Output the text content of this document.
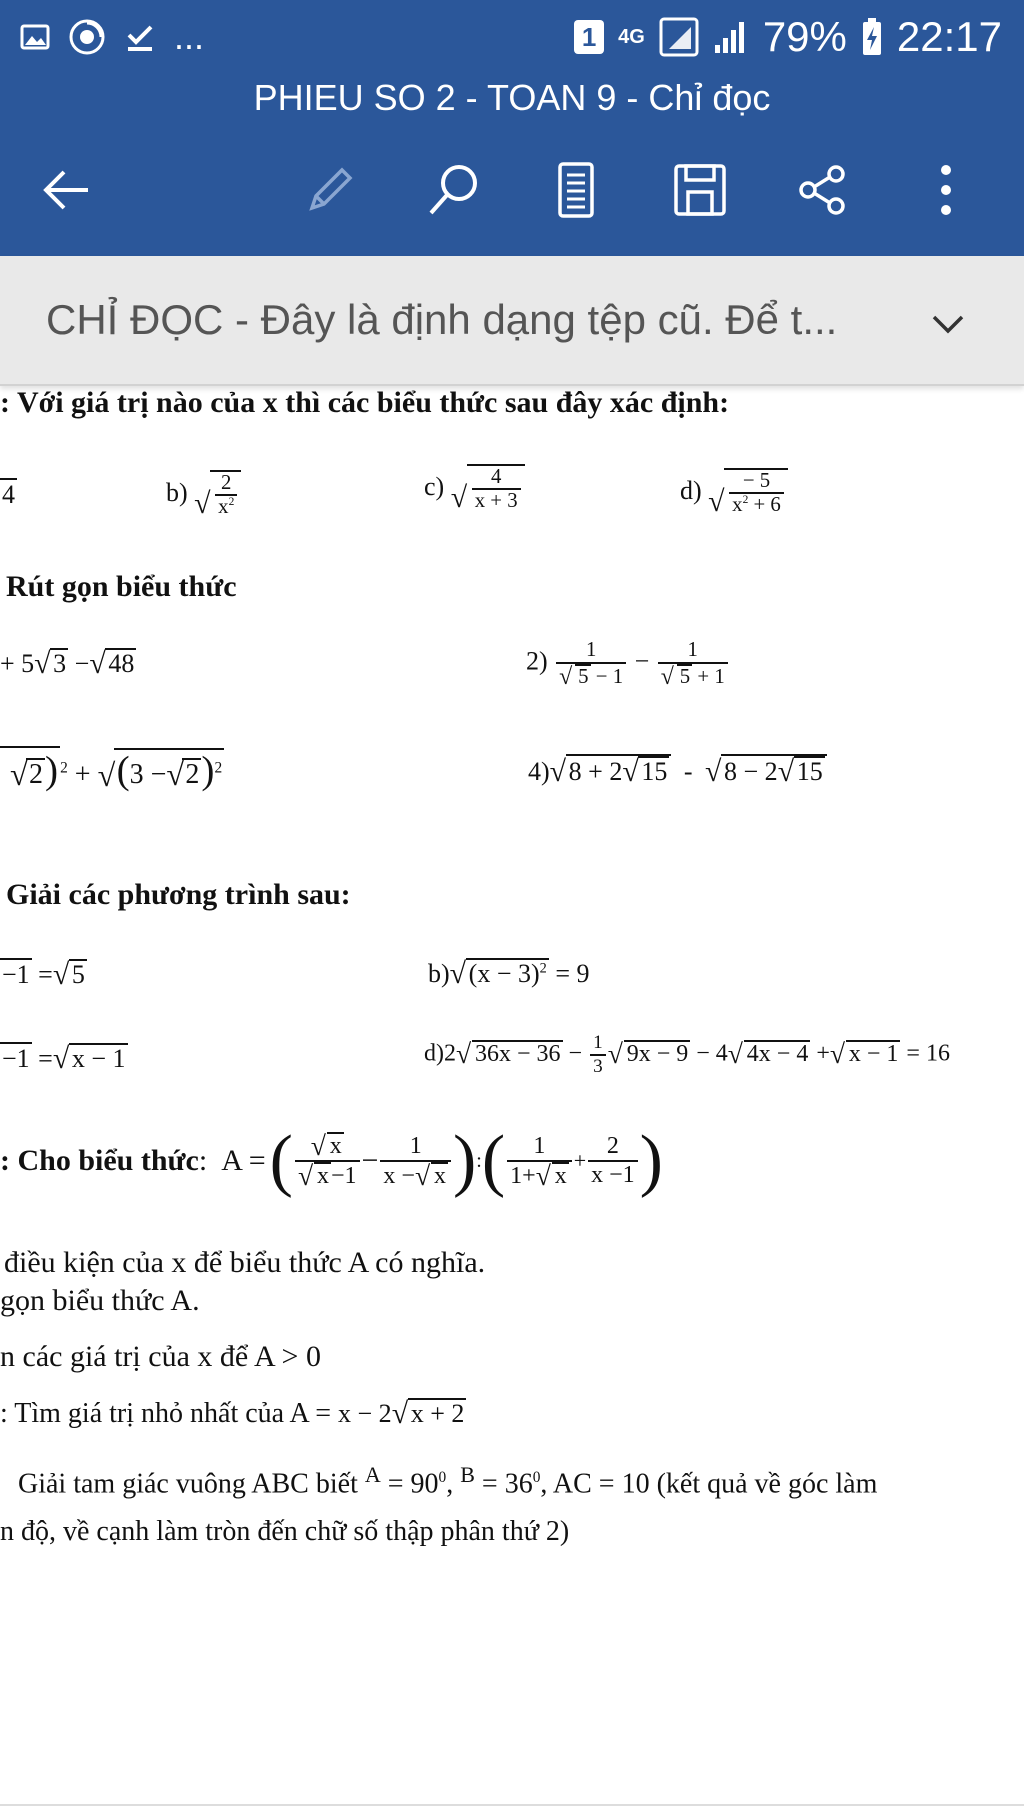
...	1 4G	79% 22:17
PHIEU SO 2 - TOAN 9 - Chỉ đọc
CHỈ ĐỌC - Đây là định dạng tệp cũ. Để t...
: Với giá trị nào của x thì các biểu thức sau đây xác định:
4	b) √ $\frac{2}{x^2}$	c) √ $\frac{4}{x + 3}$	d) √ $\frac{- 5}{x^2 + 6}$
Rút gọn biểu thức
+ 5 √ 3 − √ 48	2) 1
√ 5 − 1 − 1
√ 5 + 1
√ 2) $^2$ + √ (3 − √ 2)$^2$	4) √ 8 + 2 √ 15 - √ 8 − 2 √ 15
Giải các phương trình sau:
−1 = √ 5	b) √ $(x - 3)^2 = 9$
−1 = √ x − 1	d)2 √ $36x - 36 - \frac{1}{3}$ √ 9x − 9 − 4 √ 4x − 4 + √ x − 1 = 16
: Cho biểu thức : A = ( √ x
√ $x-1 - \frac{1}{x - √ x}$ ) : ( $\frac{1}{1+ √ x} + \frac{2}{x -1}$ )
điều kiện của x để biểu thức A có nghĩa.
gọn biểu thức A.
n các giá trị của x để A > 0
: Tìm giá trị nhỏ nhất của A = x − 2 √ x + 2
Giải tam giác vuông ABC biết $^A = 90^0$, $^B = 36^0$, AC = 10 (kết quả về góc làm
n độ, về cạnh làm tròn đến chữ số thập phân thứ 2)
